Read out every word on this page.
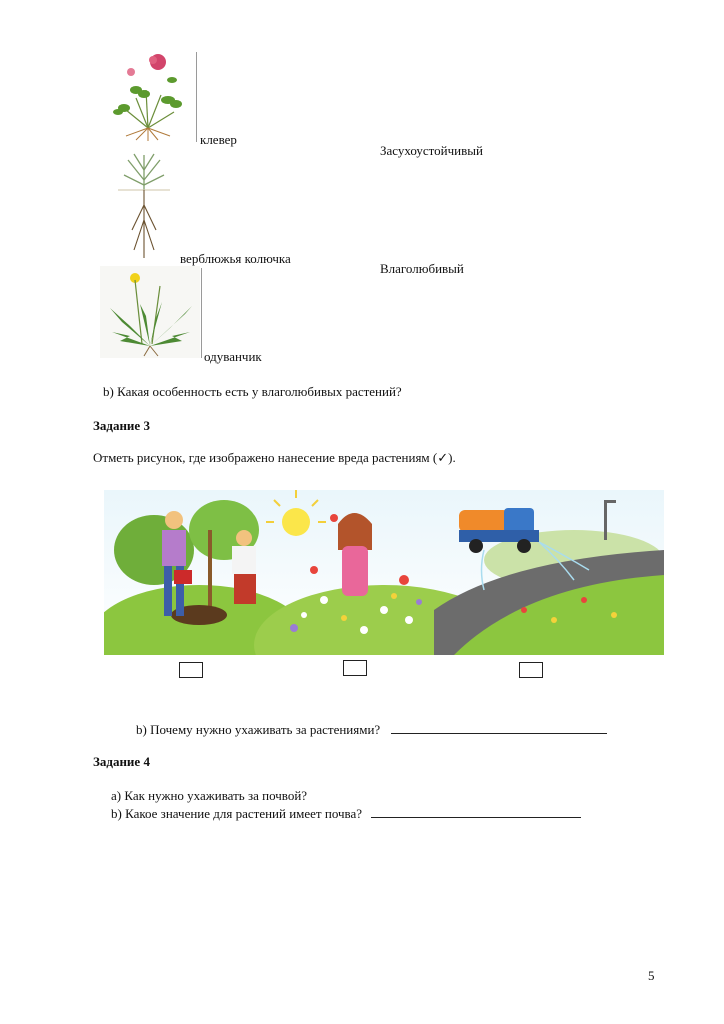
клевер
верблюжья колючка
одуванчик
Засухоустойчивый
Влаголюбивый
b) Какая особенность есть у влаголюбивых растений?
Задание 3
Отметь рисунок, где изображено нанесение вреда растениям (✓).
b) Почему нужно ухаживать за растениями?
Задание 4
a) Как нужно ухаживать за почвой?
b) Какое значение для растений имеет почва?
5
